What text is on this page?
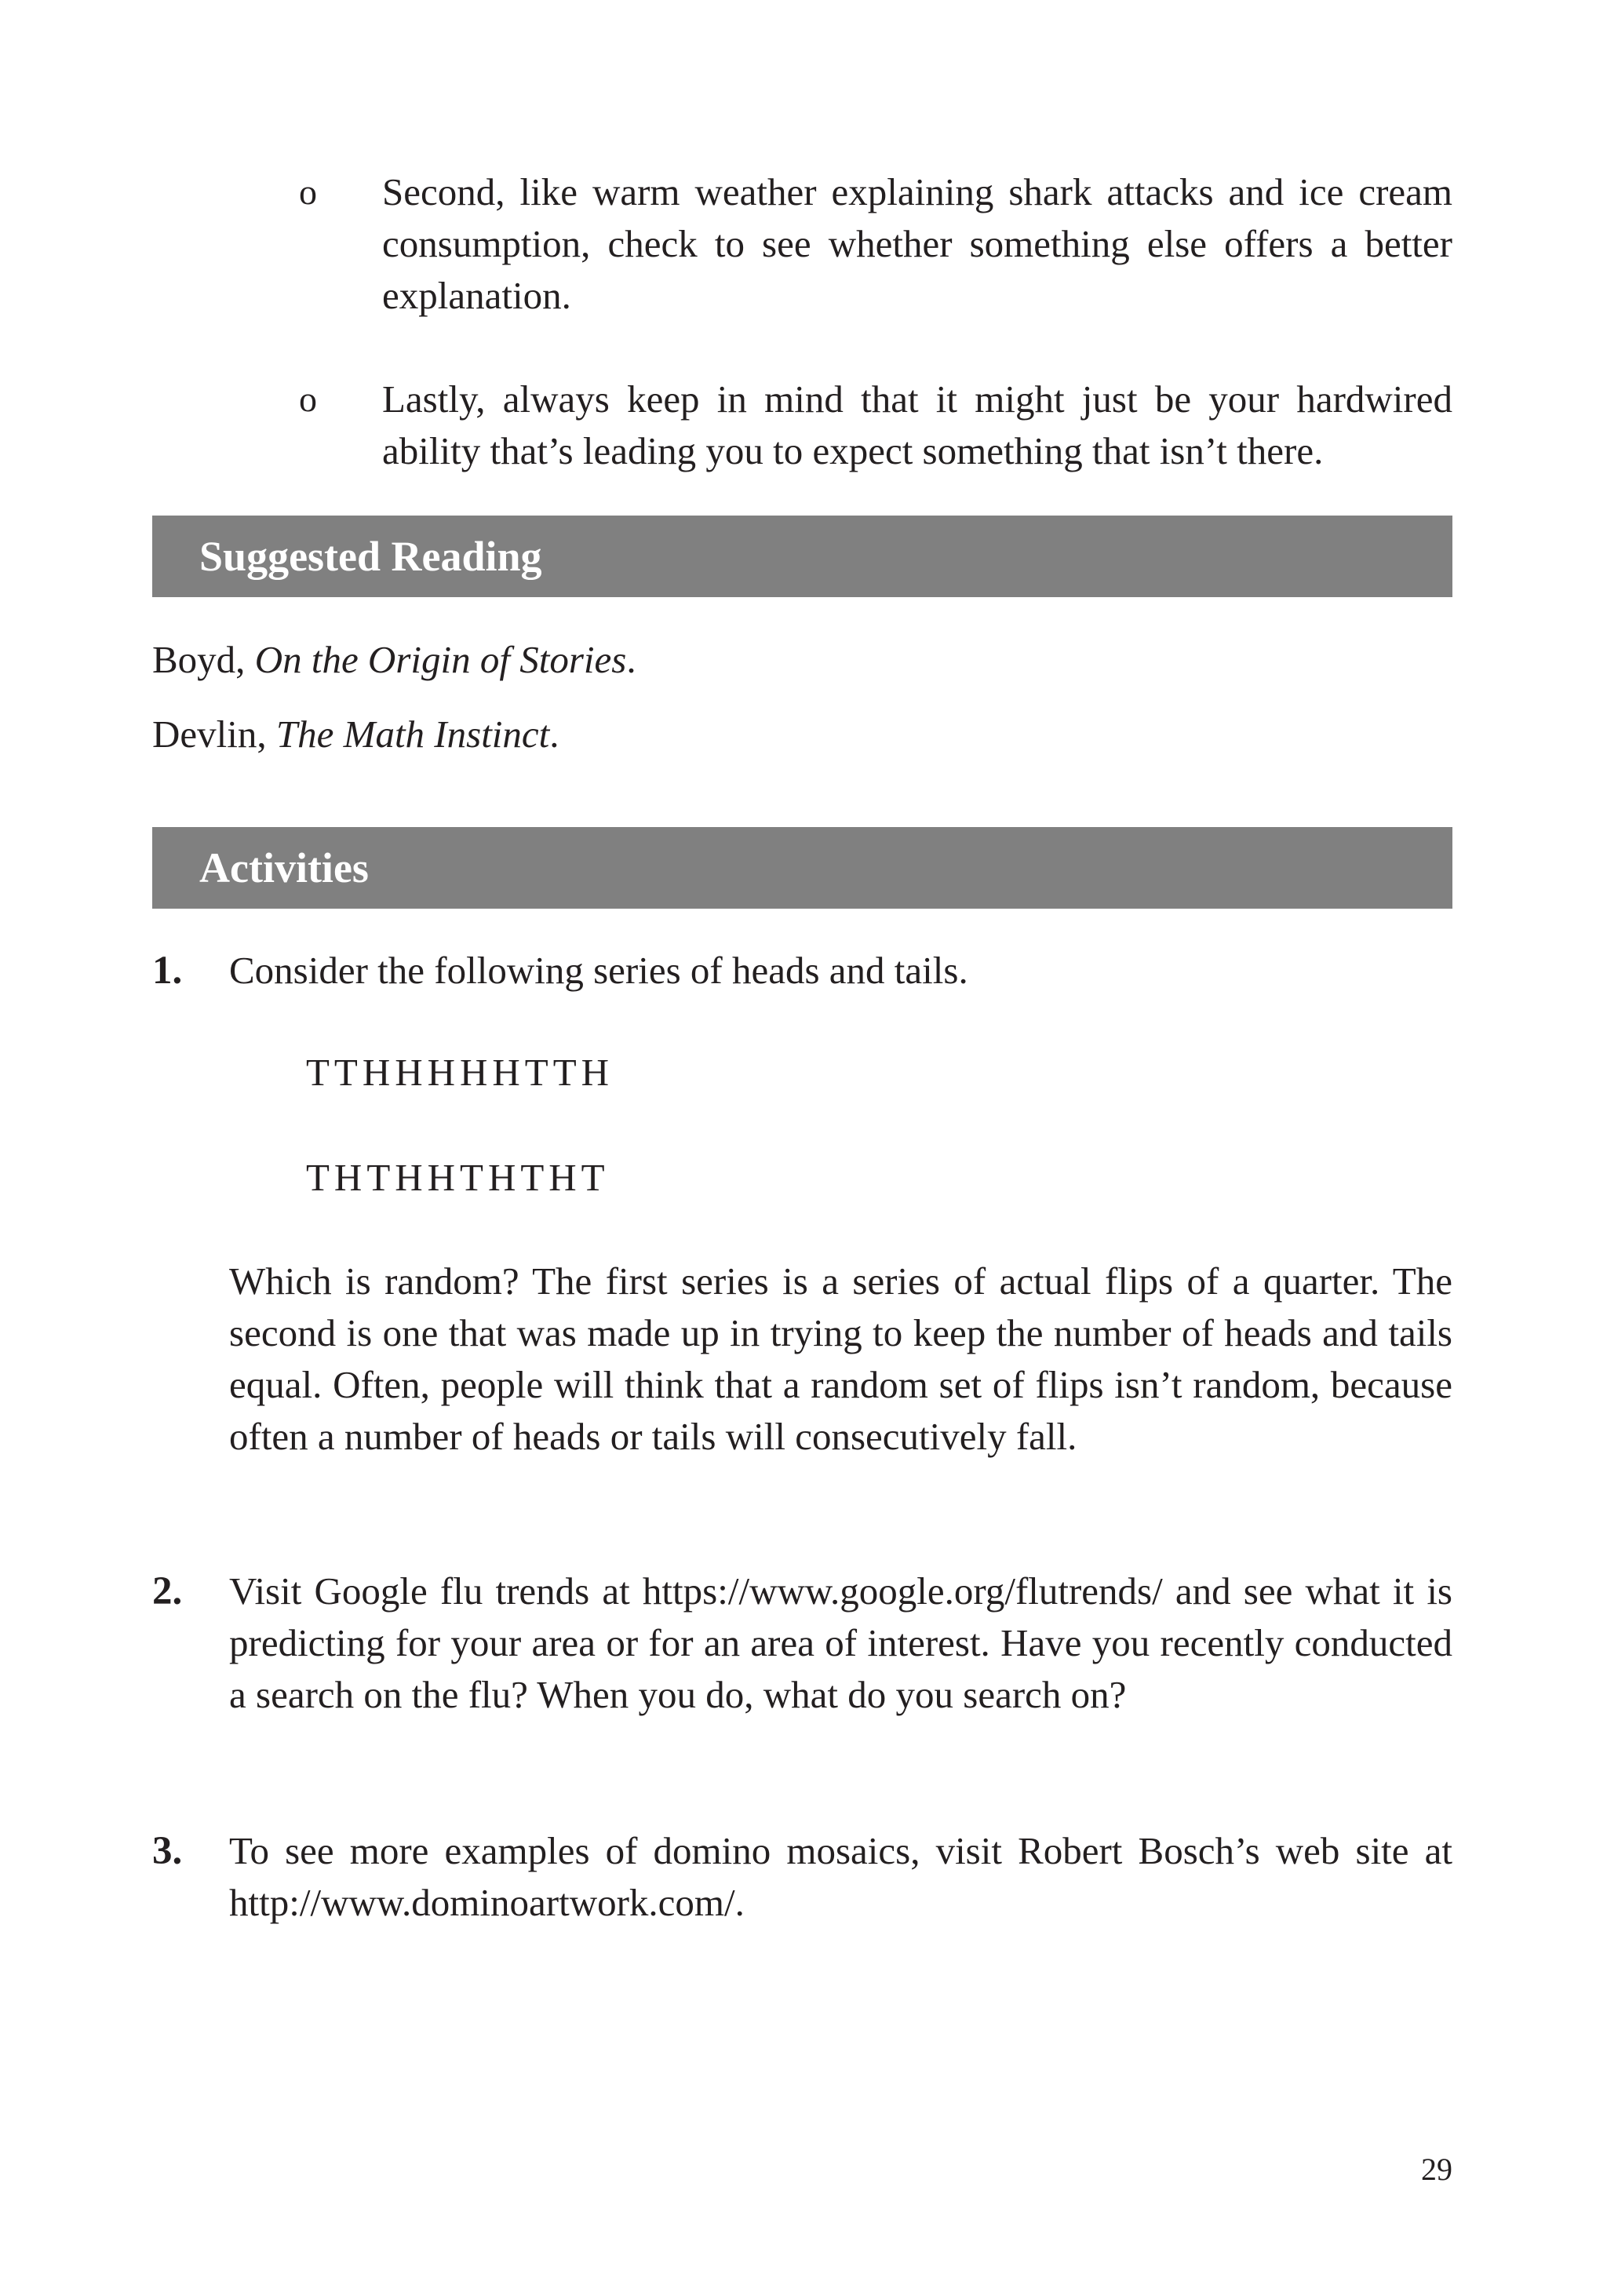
o Second, like warm weather explaining shark attacks and ice cream consumption, check to see whether something else offers a better explanation.

o Lastly, always keep in mind that it might just be your hardwired ability that’s leading you to expect something that isn’t there.

Suggested Reading

Boyd, On the Origin of Stories.

Devlin, The Math Instinct.

Activities
1. Consider the following series of heads and tails.

TTHHHHHTTH

THTHHTHTHT

Which is random? The first series is a series of actual flips of a quarter. The second is one that was made up in trying to keep the number of heads and tails equal. Often, people will think that a random set of flips isn’t random, because often a number of heads or tails will consecutively fall.

2. Visit Google flu trends at https://www.google.org/flutrends/ and see what it is predicting for your area or for an area of interest. Have you recently conducted a search on the flu? When you do, what do you search on?

3. To see more examples of domino mosaics, visit Robert Bosch’s web site at http://www.dominoartwork.com/.

29
